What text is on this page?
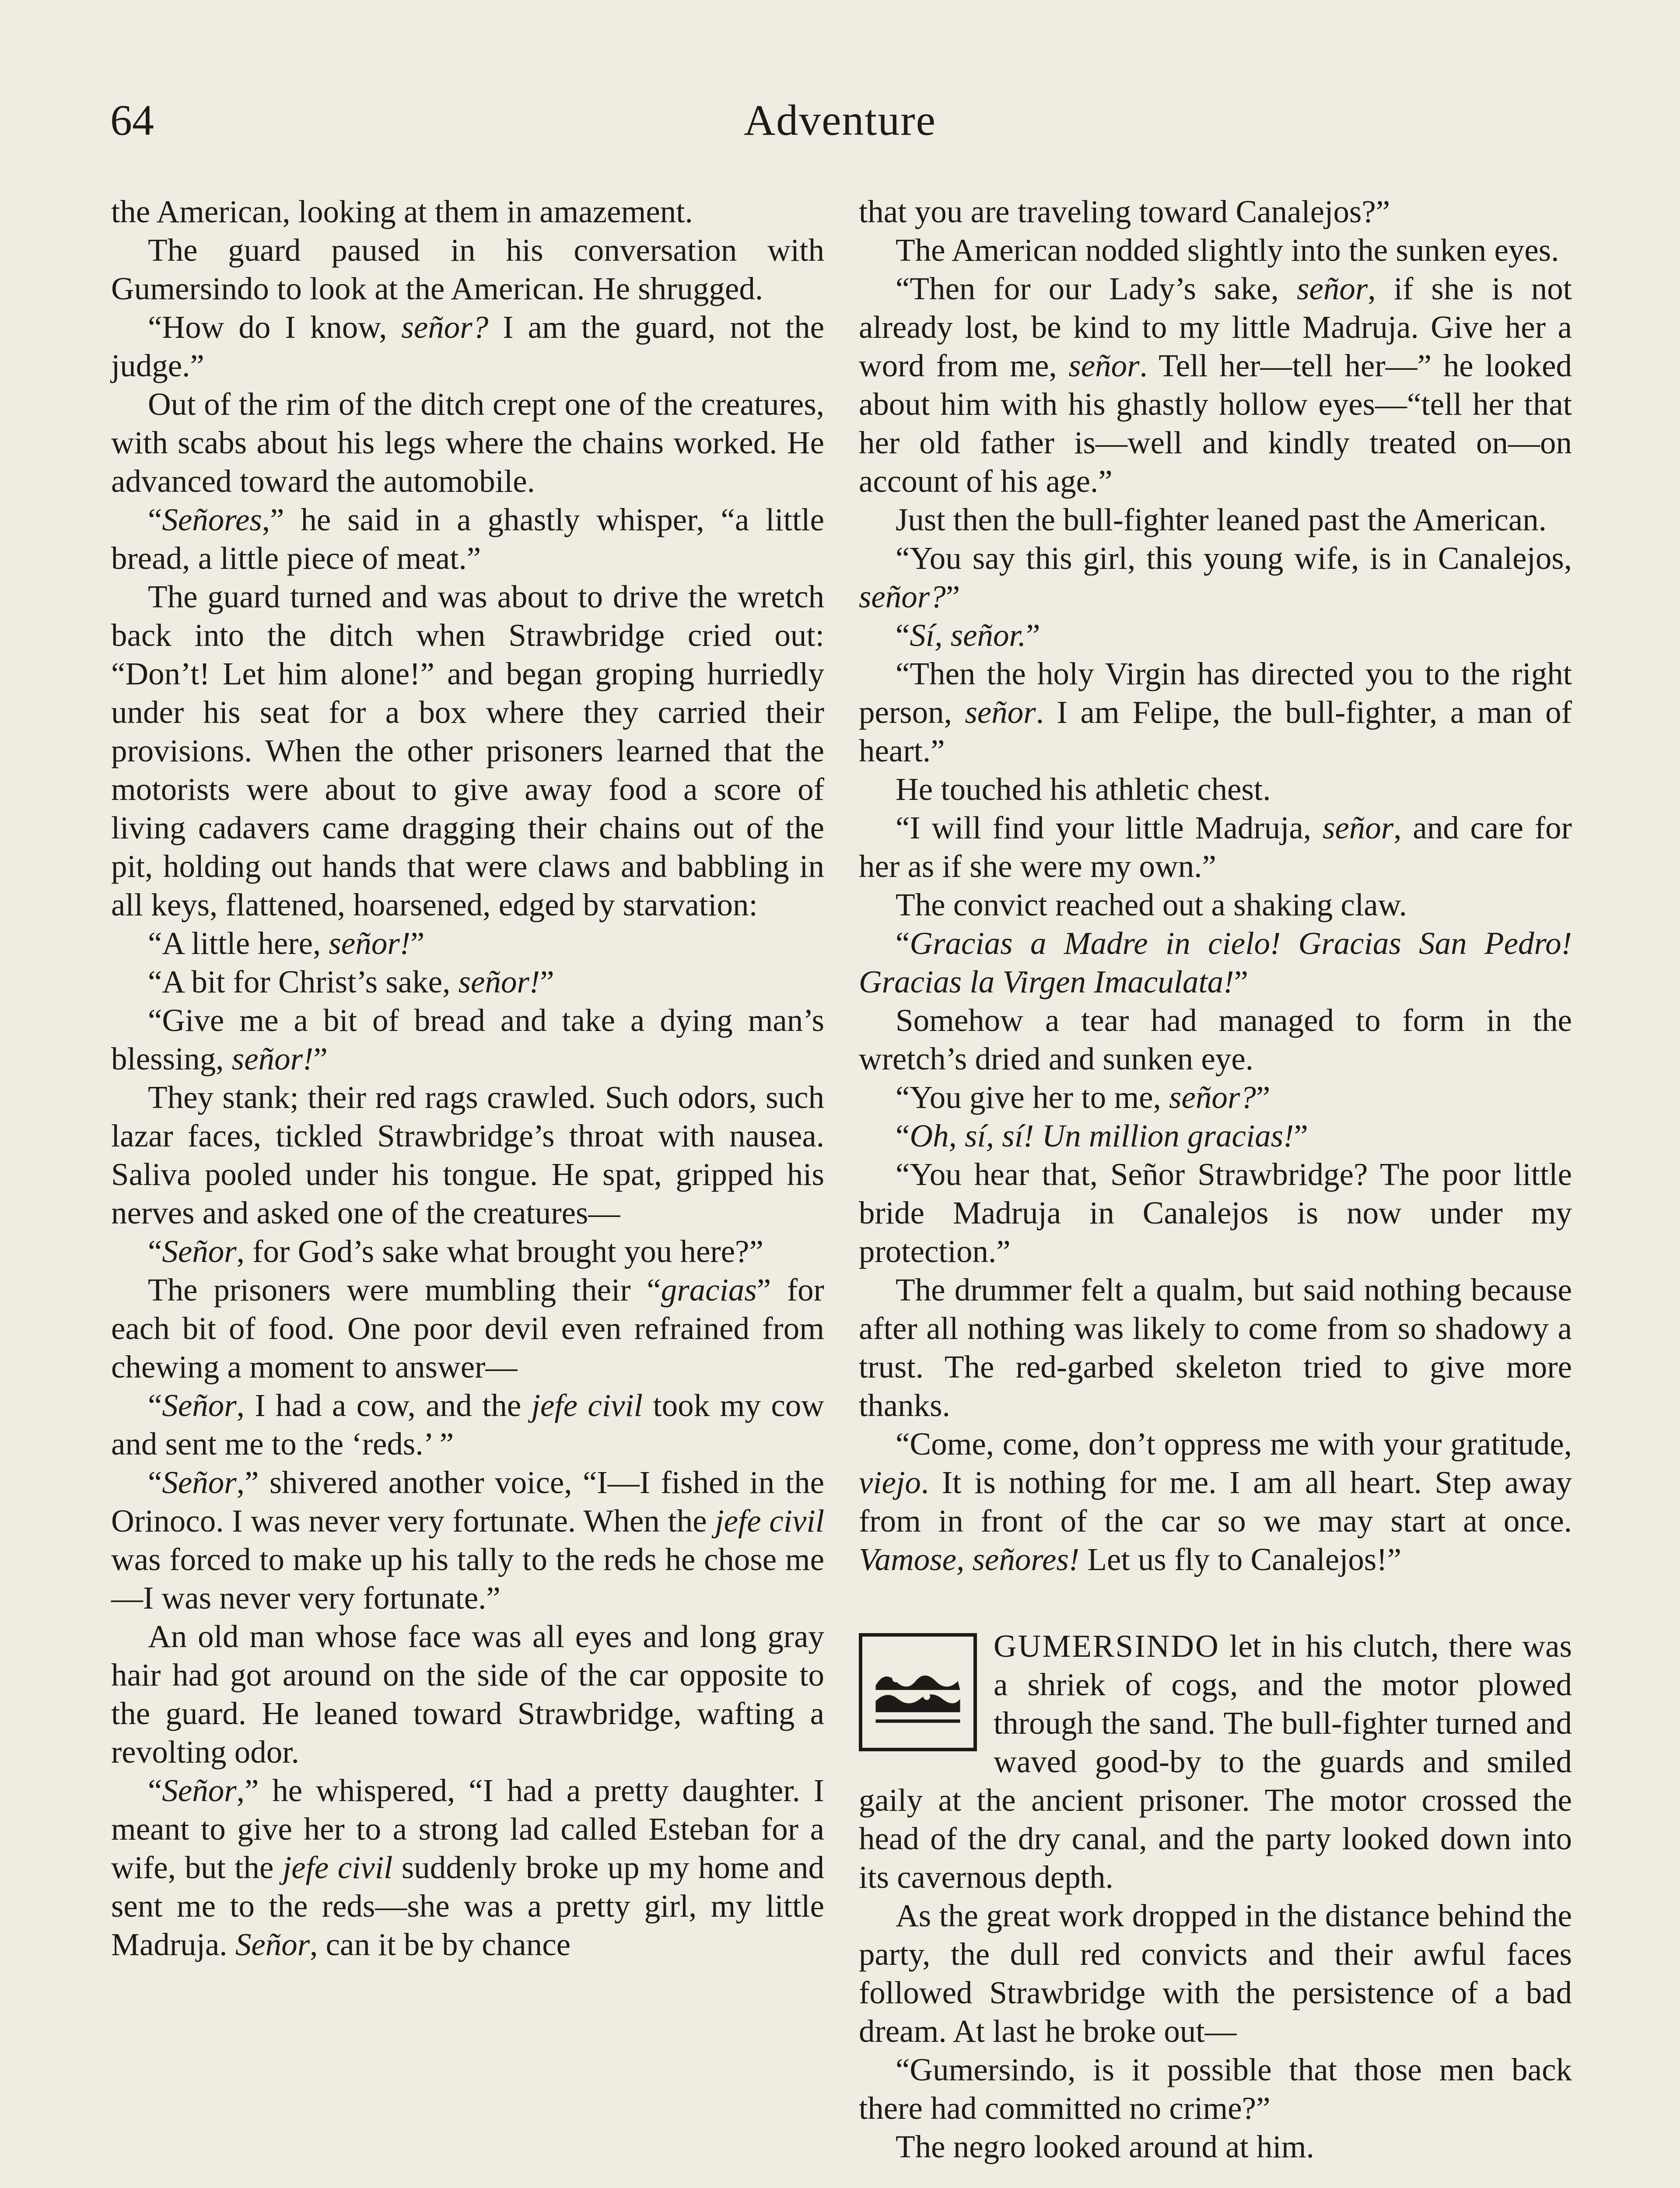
Adventure
64

the American, looking at them in amazement.

The guard paused in his conversation with Gumersindo to look at the American. He shrugged.

“How do I know, señor? I am the guard, not the judge.”

Out of the rim of the ditch crept one of the creatures, with scabs about his legs where the chains worked. He advanced toward the automobile.

“Señores,” he said in a ghastly whisper, “a little bread, a little piece of meat.”

The guard turned and was about to drive the wretch back into the ditch when Strawbridge cried out: “Don’t! Let him alone!” and began groping hurriedly under his seat for a box where they carried their provisions. When the other prisoners learned that the motorists were about to give away food a score of living cadavers came dragging their chains out of the pit, holding out hands that were claws and babbling in all keys, flattened, hoarsened, edged by starvation:

“A little here, señor!”

“A bit for Christ’s sake, señor!”

“Give me a bit of bread and take a dying man’s blessing, señor!”

They stank; their red rags crawled. Such odors, such lazar faces, tickled Strawbridge’s throat with nausea. Saliva pooled under his tongue. He spat, gripped his nerves and asked one of the creatures—

“Señor, for God’s sake what brought you here?”

The prisoners were mumbling their “gracias” for each bit of food. One poor devil even refrained from chewing a moment to answer—

“Señor, I had a cow, and the jefe civil took my cow and sent me to the ‘reds.’ ”

“Señor,” shivered another voice, “I—I fished in the Orinoco. I was never very fortunate. When the jefe civil was forced to make up his tally to the reds he chose me—I was never very fortunate.”

An old man whose face was all eyes and long gray hair had got around on the side of the car opposite to the guard. He leaned toward Strawbridge, wafting a revolting odor.

“Señor,” he whispered, “I had a pretty daughter. I meant to give her to a strong lad called Esteban for a wife, but the jefe civil suddenly broke up my home and sent me to the reds—she was a pretty girl, my little Madruja. Señor, can it be by chance

that you are traveling toward Canalejos?”

The American nodded slightly into the sunken eyes.

“Then for our Lady’s sake, señor, if she is not already lost, be kind to my little Madruja. Give her a word from me, señor. Tell her—tell her—” he looked about him with his ghastly hollow eyes—“tell her that her old father is—well and kindly treated on—on account of his age.”

Just then the bull-fighter leaned past the American.

“You say this girl, this young wife, is in Canalejos, señor?”

“Sí, señor.”

“Then the holy Virgin has directed you to the right person, señor. I am Felipe, the bull-fighter, a man of heart.”

He touched his athletic chest.

“I will find your little Madruja, señor, and care for her as if she were my own.”

The convict reached out a shaking claw.

“Gracias a Madre in cielo! Gracias San Pedro! Gracias la Virgen Imaculata!”

Somehow a tear had managed to form in the wretch’s dried and sunken eye.

“You give her to me, señor?”

“Oh, sí, sí! Un million gracias!”

“You hear that, Señor Strawbridge? The poor little bride Madruja in Canalejos is now under my protection.”

The drummer felt a qualm, but said nothing because after all nothing was likely to come from so shadowy a trust. The red-garbed skeleton tried to give more thanks.

“Come, come, don’t oppress me with your gratitude, viejo. It is nothing for me. I am all heart. Step away from in front of the car so we may start at once. Vamose, señores! Let us fly to Canalejos!”

GUMERSINDO let in his clutch, there was a shriek of cogs, and the motor plowed through the sand. The bull-fighter turned and waved good-by to the guards and smiled gaily at the ancient prisoner. The motor crossed the head of the dry canal, and the party looked down into its cavernous depth.

As the great work dropped in the distance behind the party, the dull red convicts and their awful faces followed Strawbridge with the persistence of a bad dream. At last he broke out—

“Gumersindo, is it possible that those men back there had committed no crime?”

The negro looked around at him.
